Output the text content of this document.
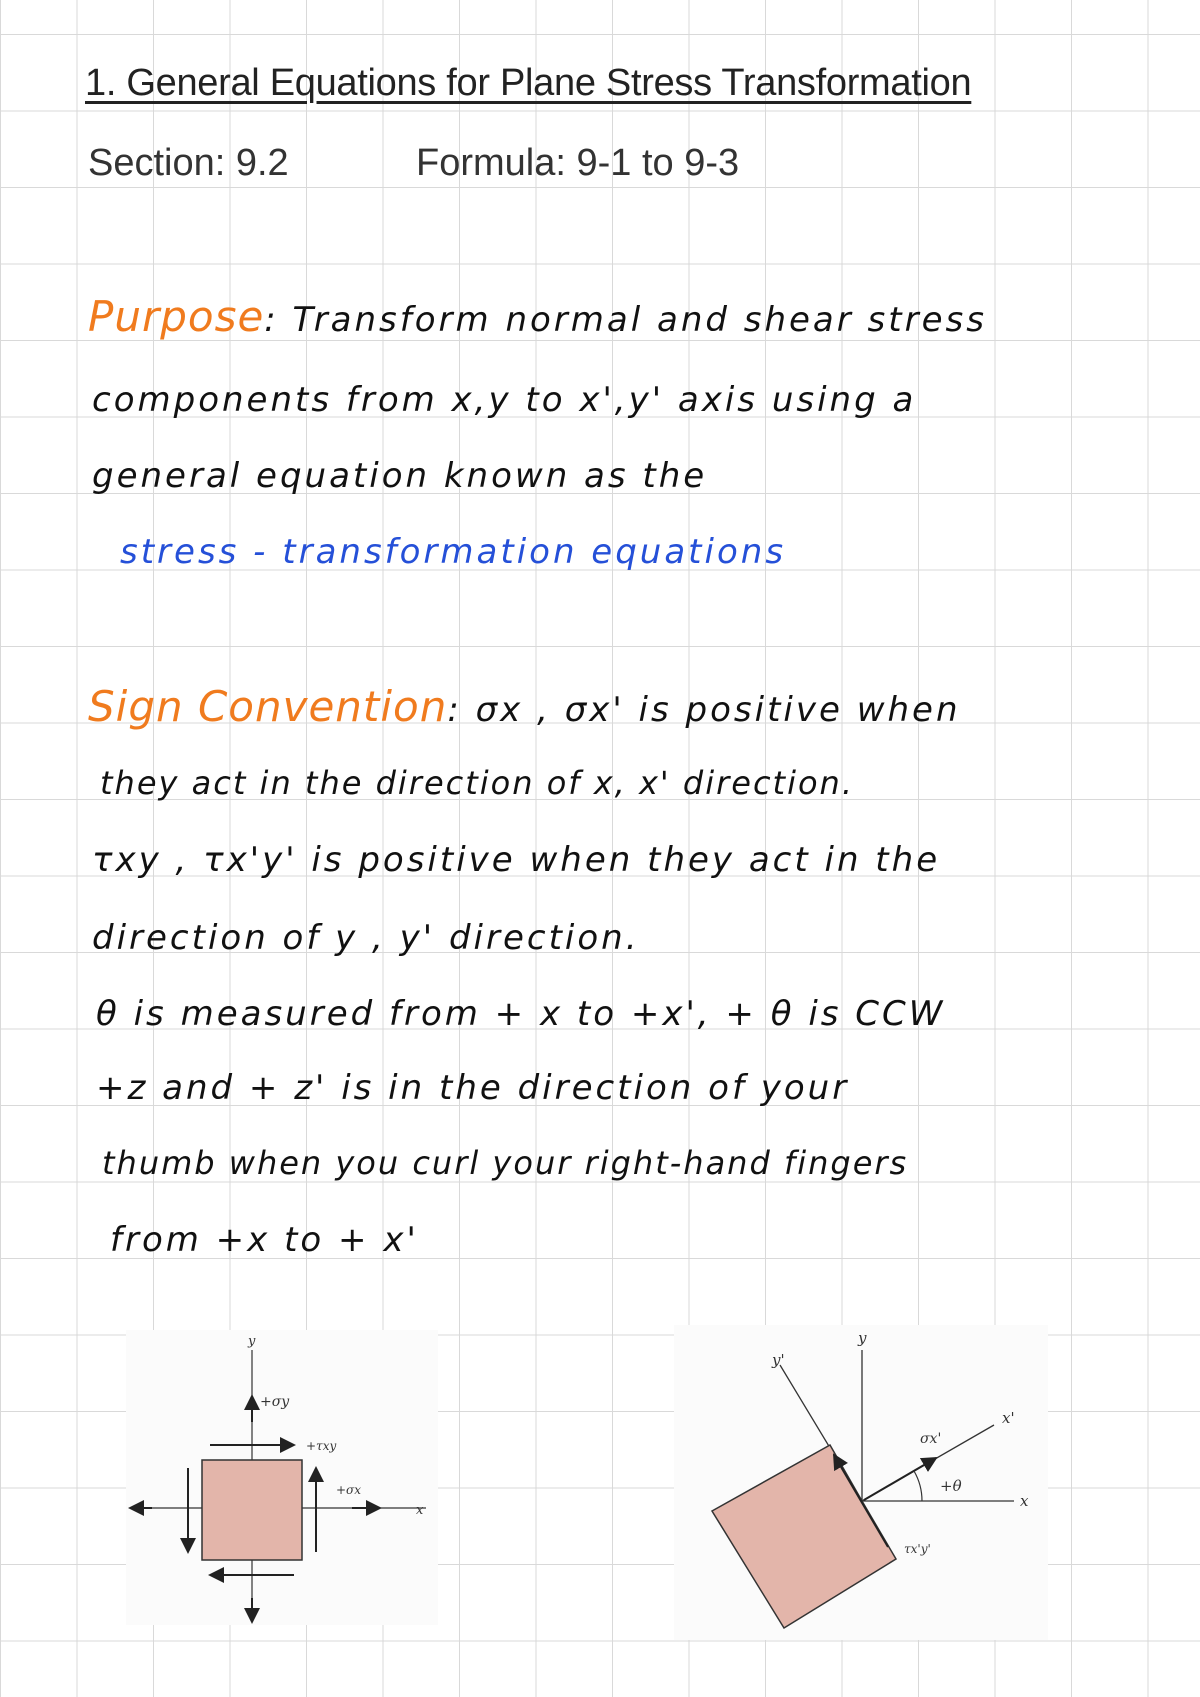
1. General Equations for Plane Stress Transformation
Section: 9.2	Formula: 9-1 to 9-3
Purpose: Transform normal and shear stress
components from x,y to x',y' axis using a
general equation known as the
stress - transformation equations
Sign Convention: σx , σx' is positive when
they act in the direction of x, x' direction.
τxy , τx'y' is positive when they act in the
direction of y , y' direction.
θ is measured from + x to +x', + θ is CCW
+z and + z' is in the direction of your
thumb when you curl your right-hand fingers
from +x to + x'
y
x
+σy
+τxy
+σx
y
y'
x
x'
σx'
+θ
τx'y'
